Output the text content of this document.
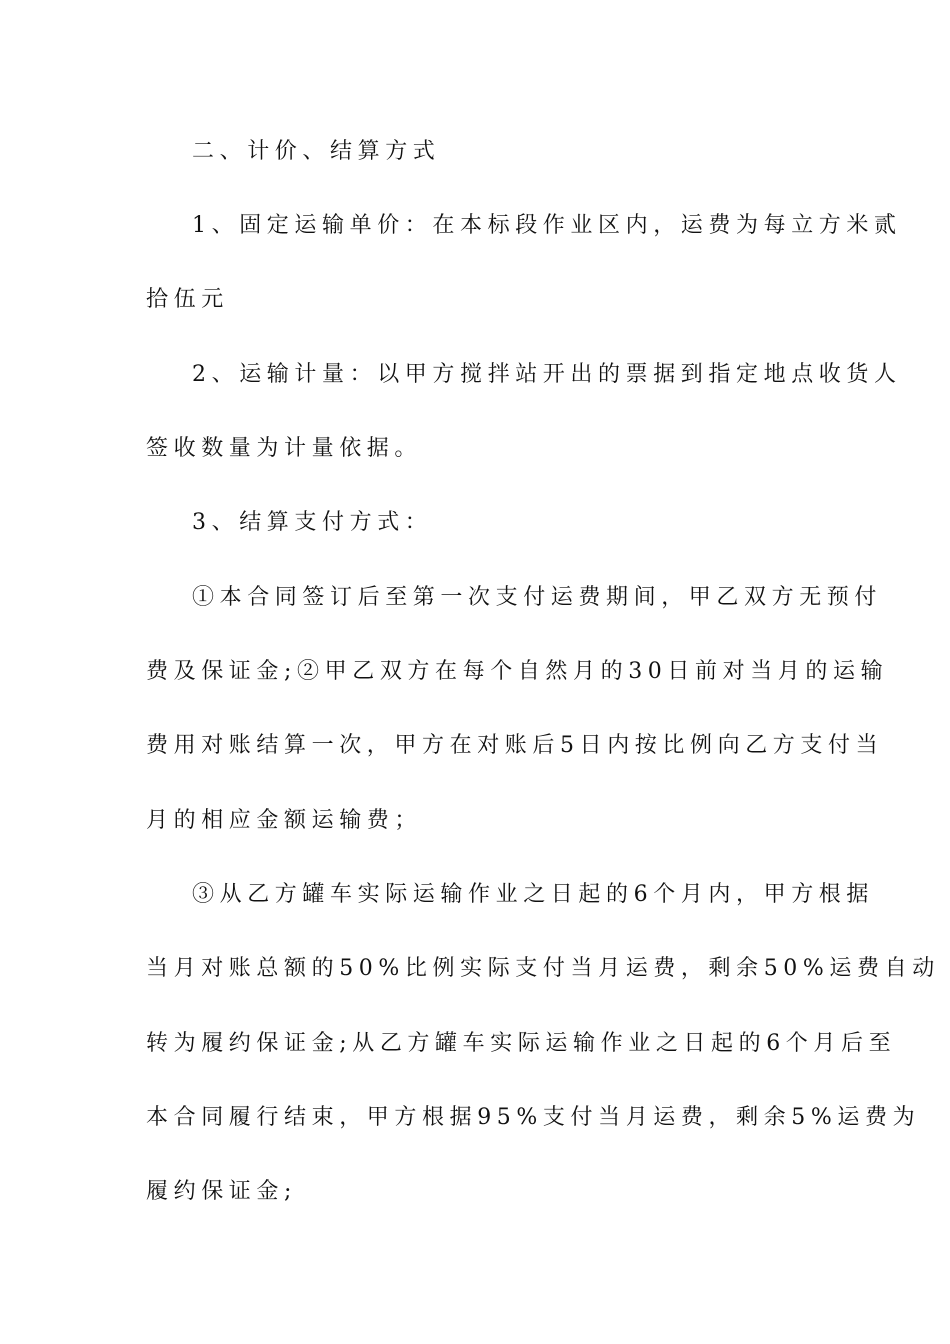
二、计价、结算方式
1、固定运输单价：在本标段作业区内，运费为每立方米贰
拾伍元
2、运输计量：以甲方搅拌站开出的票据到指定地点收货人
签收数量为计量依据。
3、结算支付方式：
①本合同签订后至第一次支付运费期间，甲乙双方无预付
费及保证金;②甲乙双方在每个自然月的30日前对当月的运输
费用对账结算一次，甲方在对账后5日内按比例向乙方支付当
月的相应金额运输费；
③从乙方罐车实际运输作业之日起的6个月内，甲方根据
当月对账总额的50%比例实际支付当月运费，剩余50%运费自动
转为履约保证金;从乙方罐车实际运输作业之日起的6个月后至
本合同履行结束，甲方根据95%支付当月运费，剩余5%运费为
履约保证金;
